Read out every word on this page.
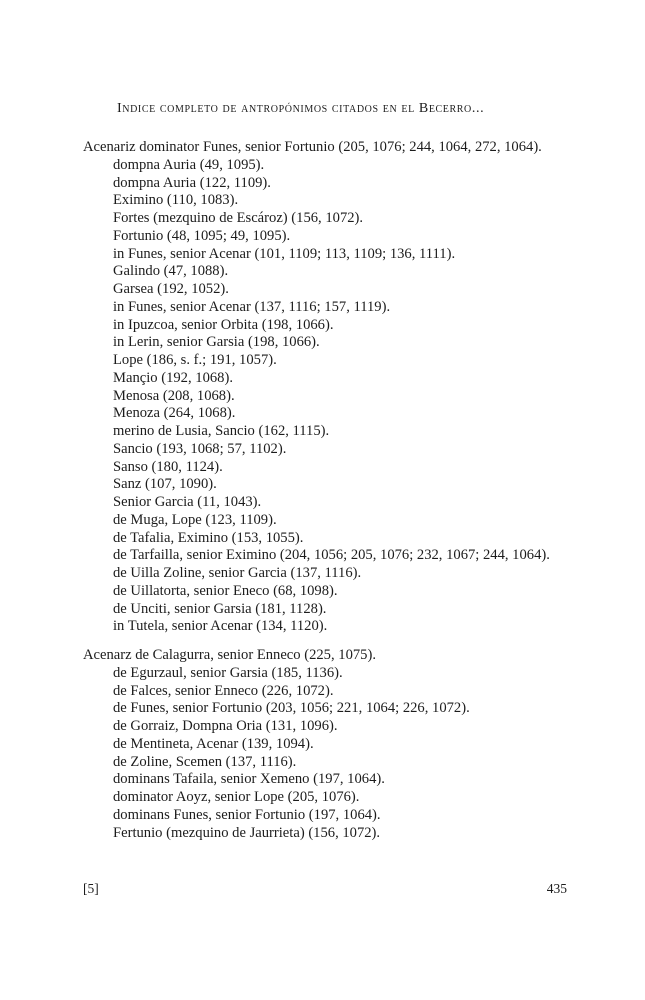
Indice completo de antropónimos citados en el Becerro...
Acenariz dominator Funes, senior Fortunio (205, 1076; 244, 1064, 272, 1064).
dompna Auria (49, 1095).
dompna Auria (122, 1109).
Eximino (110, 1083).
Fortes (mezquino de Escároz) (156, 1072).
Fortunio (48, 1095; 49, 1095).
in Funes, senior Acenar (101, 1109; 113, 1109; 136, 1111).
Galindo (47, 1088).
Garsea (192, 1052).
in Funes, senior Acenar (137, 1116; 157, 1119).
in Ipuzcoa, senior Orbita (198, 1066).
in Lerin, senior Garsia (198, 1066).
Lope (186, s. f.; 191, 1057).
Mançio (192, 1068).
Menosa (208, 1068).
Menoza (264, 1068).
merino de Lusia, Sancio (162, 1115).
Sancio (193, 1068; 57, 1102).
Sanso (180, 1124).
Sanz (107, 1090).
Senior Garcia (11, 1043).
de Muga, Lope (123, 1109).
de Tafalia, Eximino (153, 1055).
de Tarfailla, senior Eximino (204, 1056; 205, 1076; 232, 1067; 244, 1064).
de Uilla Zoline, senior Garcia (137, 1116).
de Uillatorta, senior Eneco (68, 1098).
de Unciti, senior Garsia (181, 1128).
in Tutela, senior Acenar (134, 1120).
Acenarz de Calagurra, senior Enneco (225, 1075).
de Egurzaul, senior Garsia (185, 1136).
de Falces, senior Enneco (226, 1072).
de Funes, senior Fortunio (203, 1056; 221, 1064; 226, 1072).
de Gorraiz, Dompna Oria (131, 1096).
de Mentineta, Acenar (139, 1094).
de Zoline, Scemen (137, 1116).
dominans Tafaila, senior Xemeno (197, 1064).
dominator Aoyz, senior Lope (205, 1076).
dominans Funes, senior Fortunio (197, 1064).
Fertunio (mezquino de Jaurrieta) (156, 1072).
[5]	435
